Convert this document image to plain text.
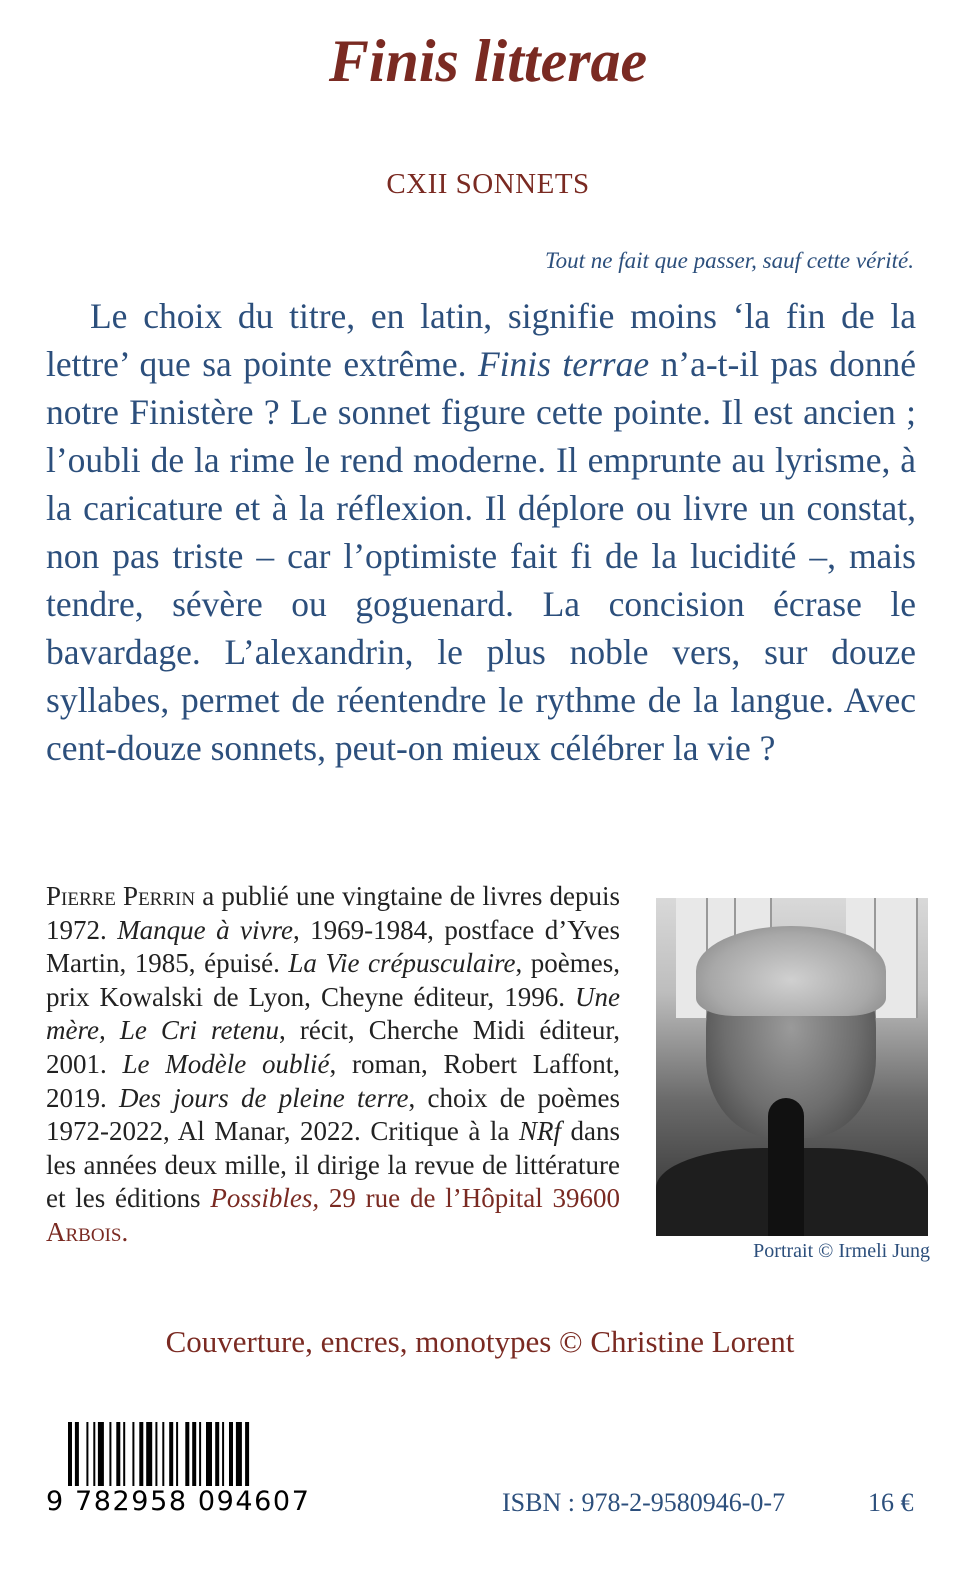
Finis litterae
CXII SONNETS
Tout ne fait que passer, sauf cette vérité.

Le choix du titre, en latin, signifie moins ‘la fin de la lettre’ que sa pointe extrême. Finis terrae n’a-t-il pas donné notre Finistère ? Le sonnet figure cette pointe. Il est ancien ; l’oubli de la rime le rend moderne. Il emprunte au lyrisme, à la caricature et à la réflexion. Il déplore ou livre un constat, non pas triste – car l’optimiste fait fi de la lucidité –, mais tendre, sévère ou goguenard. La concision écrase le bavardage. L’alexandrin, le plus noble vers, sur douze syllabes, permet de réentendre le rythme de la langue. Avec cent-douze sonnets, peut-on mieux célébrer la vie ?

Pierre Perrin a publié une vingtaine de livres depuis 1972. Manque à vivre, 1969-1984, postface d’Yves Martin, 1985, épuisé. La Vie crépusculaire, poèmes, prix Kowalski de Lyon, Cheyne éditeur, 1996. Une mère, Le Cri retenu, récit, Cherche Midi éditeur, 2001. Le Modèle oublié, roman, Robert Laffont, 2019. Des jours de pleine terre, choix de poèmes 1972-2022, Al Manar, 2022. Critique à la NRf dans les années deux mille, il dirige la revue de littérature et les éditions Possibles, 29 rue de l’Hôpital 39600 Arbois.

Portrait © Irmeli Jung
Couverture, encres, monotypes © Christine Lorent
9 782958 094607	ISBN : 978-2-9580946-0-7	16 €
